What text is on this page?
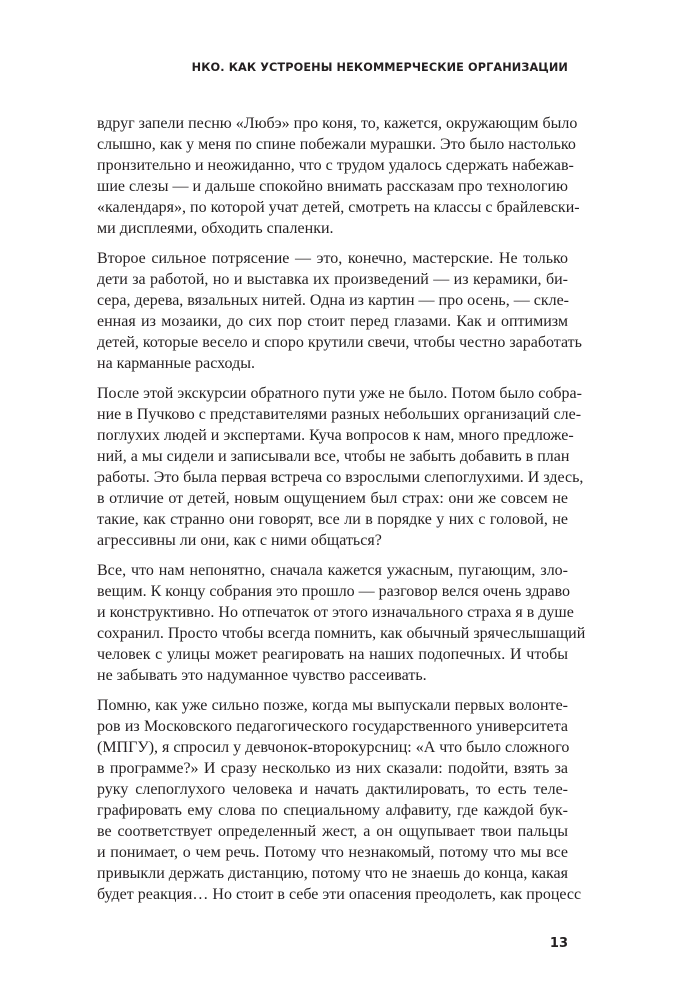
НКО. КАК УСТРОЕНЫ НЕКОММЕРЧЕСКИЕ ОРГАНИЗАЦИИ
вдруг запели песню «Любэ» про коня, то, кажется, окружающим было
слышно, как у меня по спине побежали мурашки. Это было настолько
пронзительно и неожиданно, что с трудом удалось сдержать набежав-
шие слезы — и дальше спокойно внимать рассказам про технологию
«календаря», по которой учат детей, смотреть на классы с брайлевски-
ми дисплеями, обходить спаленки.
Второе сильное потрясение — это, конечно, мастерские. Не только
дети за работой, но и выставка их произведений — из керамики, би-
сера, дерева, вязальных нитей. Одна из картин — про осень, — скле-
енная из мозаики, до сих пор стоит перед глазами. Как и оптимизм
детей, которые весело и споро крутили свечи, чтобы честно заработать
на карманные расходы.
После этой экскурсии обратного пути уже не было. Потом было собра-
ние в Пучково с представителями разных небольших организаций сле-
поглухих людей и экспертами. Куча вопросов к нам, много предложе-
ний, а мы сидели и записывали все, чтобы не забыть добавить в план
работы. Это была первая встреча со взрослыми слепоглухими. И здесь,
в отличие от детей, новым ощущением был страх: они же совсем не
такие, как странно они говорят, все ли в порядке у них с головой, не
агрессивны ли они, как с ними общаться?
Все, что нам непонятно, сначала кажется ужасным, пугающим, зло-
вещим. К концу собрания это прошло — разговор велся очень здраво
и конструктивно. Но отпечаток от этого изначального страха я в душе
сохранил. Просто чтобы всегда помнить, как обычный зрячеслышащий
человек с улицы может реагировать на наших подопечных. И чтобы
не забывать это надуманное чувство рассеивать.
Помню, как уже сильно позже, когда мы выпускали первых волонте-
ров из Московского педагогического государственного университета
(МПГУ), я спросил у девчонок-второкурсниц: «А что было сложного
в программе?» И сразу несколько из них сказали: подойти, взять за
руку слепоглухого человека и начать дактилировать, то есть теле-
графировать ему слова по специальному алфавиту, где каждой бук-
ве соответствует определенный жест, а он ощупывает твои пальцы
и понимает, о чем речь. Потому что незнакомый, потому что мы все
привыкли держать дистанцию, потому что не знаешь до конца, какая
будет реакция… Но стоит в себе эти опасения преодолеть, как процесс
13
